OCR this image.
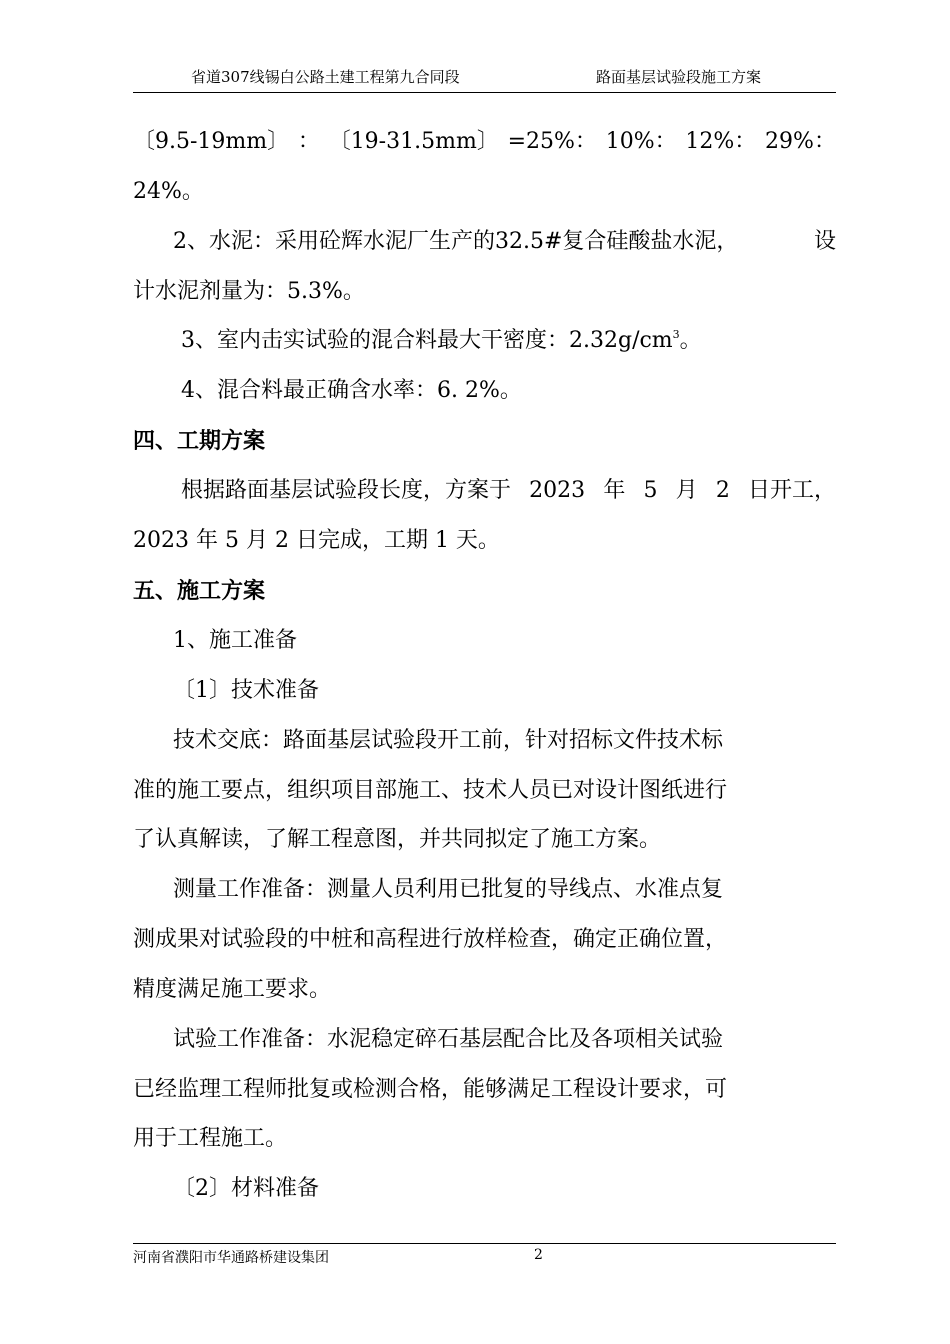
省道307线锡白公路土建工程第九合同段	路面基层试验段施工方案
〔9.5-19mm〕 ： 〔19-31.5mm〕 =25%： 10%： 12%： 29%：
24%。
2、水泥：采用砼辉水泥厂生产的32.5#复合硅酸盐水泥，	设
计水泥剂量为：5.3%。
3、室内击实试验的混合料最大干密度：$2.32g/cm^3$。
4、混合料最正确含水率：6. 2%。
四、工期方案
根据路面基层试验段长度，方案于 2023 年 5 月 2 日开工，
2023 年 5 月 2 日完成，工期 1 天。
五、施工方案
1、施工准备
〔1〕技术准备
技术交底：路面基层试验段开工前，针对招标文件技术标
准的施工要点，组织项目部施工、技术人员已对设计图纸进行
了认真解读，了解工程意图，并共同拟定了施工方案。
测量工作准备：测量人员利用已批复的导线点、水准点复
测成果对试验段的中桩和高程进行放样检查，确定正确位置，
精度满足施工要求。
试验工作准备：水泥稳定碎石基层配合比及各项相关试验
已经监理工程师批复或检测合格，能够满足工程设计要求，可
用于工程施工。
〔2〕材料准备
河南省濮阳市华通路桥建设集团	2
